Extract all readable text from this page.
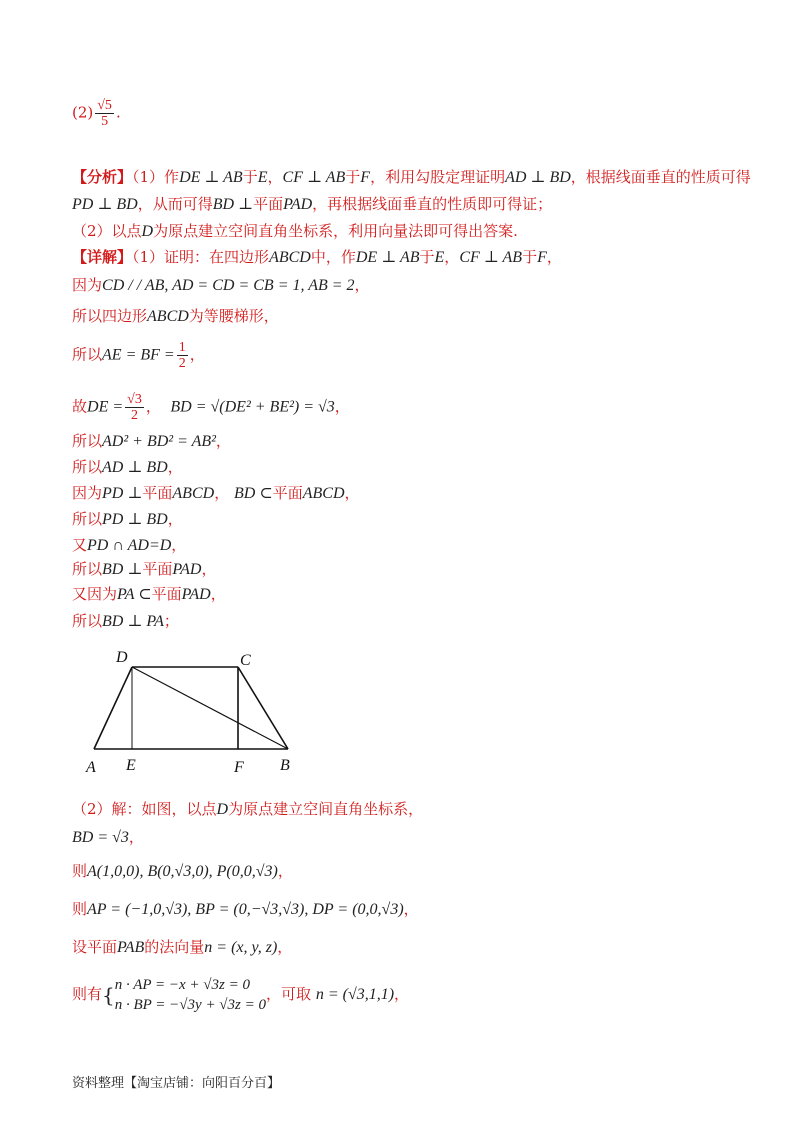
$(2) \frac{√5}{5}$ .
【分析】（1）作DE ⊥ AB于E，CF ⊥ AB于F，利用勾股定理证明AD ⊥ BD，根据线面垂直的性质可得
PD ⊥ BD，从而可得BD ⊥平面PAD，再根据线面垂直的性质即可得证；
（2）以点D为原点建立空间直角坐标系，利用向量法即可得出答案.
【详解】（1）证明：在四边形ABCD中，作DE ⊥ AB于E，CF ⊥ AB于F，
因为CD / / AB, AD = CD = CB = 1, AB = 2，
所以四边形ABCD为等腰梯形，
所以AE = BF = $\frac{1}{2}$ ，
故DE = $\frac{√3}{2}$ ， BD = √(DE² + BE²) = √3，
所以AD² + BD² = AB²，
所以AD ⊥ BD，
因为PD ⊥平面ABCD， BD ⊂平面ABCD，
所以PD ⊥ BD，
又PD ∩ AD=D，
所以BD ⊥平面PAD，
又因为PA ⊂平面PAD，
所以BD ⊥ PA；
D	C
A E	F B
（2）解：如图，以点D为原点建立空间直角坐标系，
BD = √3，
则A(1,0,0), B(0,√3,0), P(0,0,√3)，
则AP = (−1,0,√3), BP = (0,−√3,√3), DP = (0,0,√3)，
设平面PAB的法向量n = (x, y, z)，
则有{ n · AP = −x + √3z = 0
n · BP = −√3y + √3z = 0
，可取 n = (√3,1,1)，
资料整理【淘宝店铺：向阳百分百】
